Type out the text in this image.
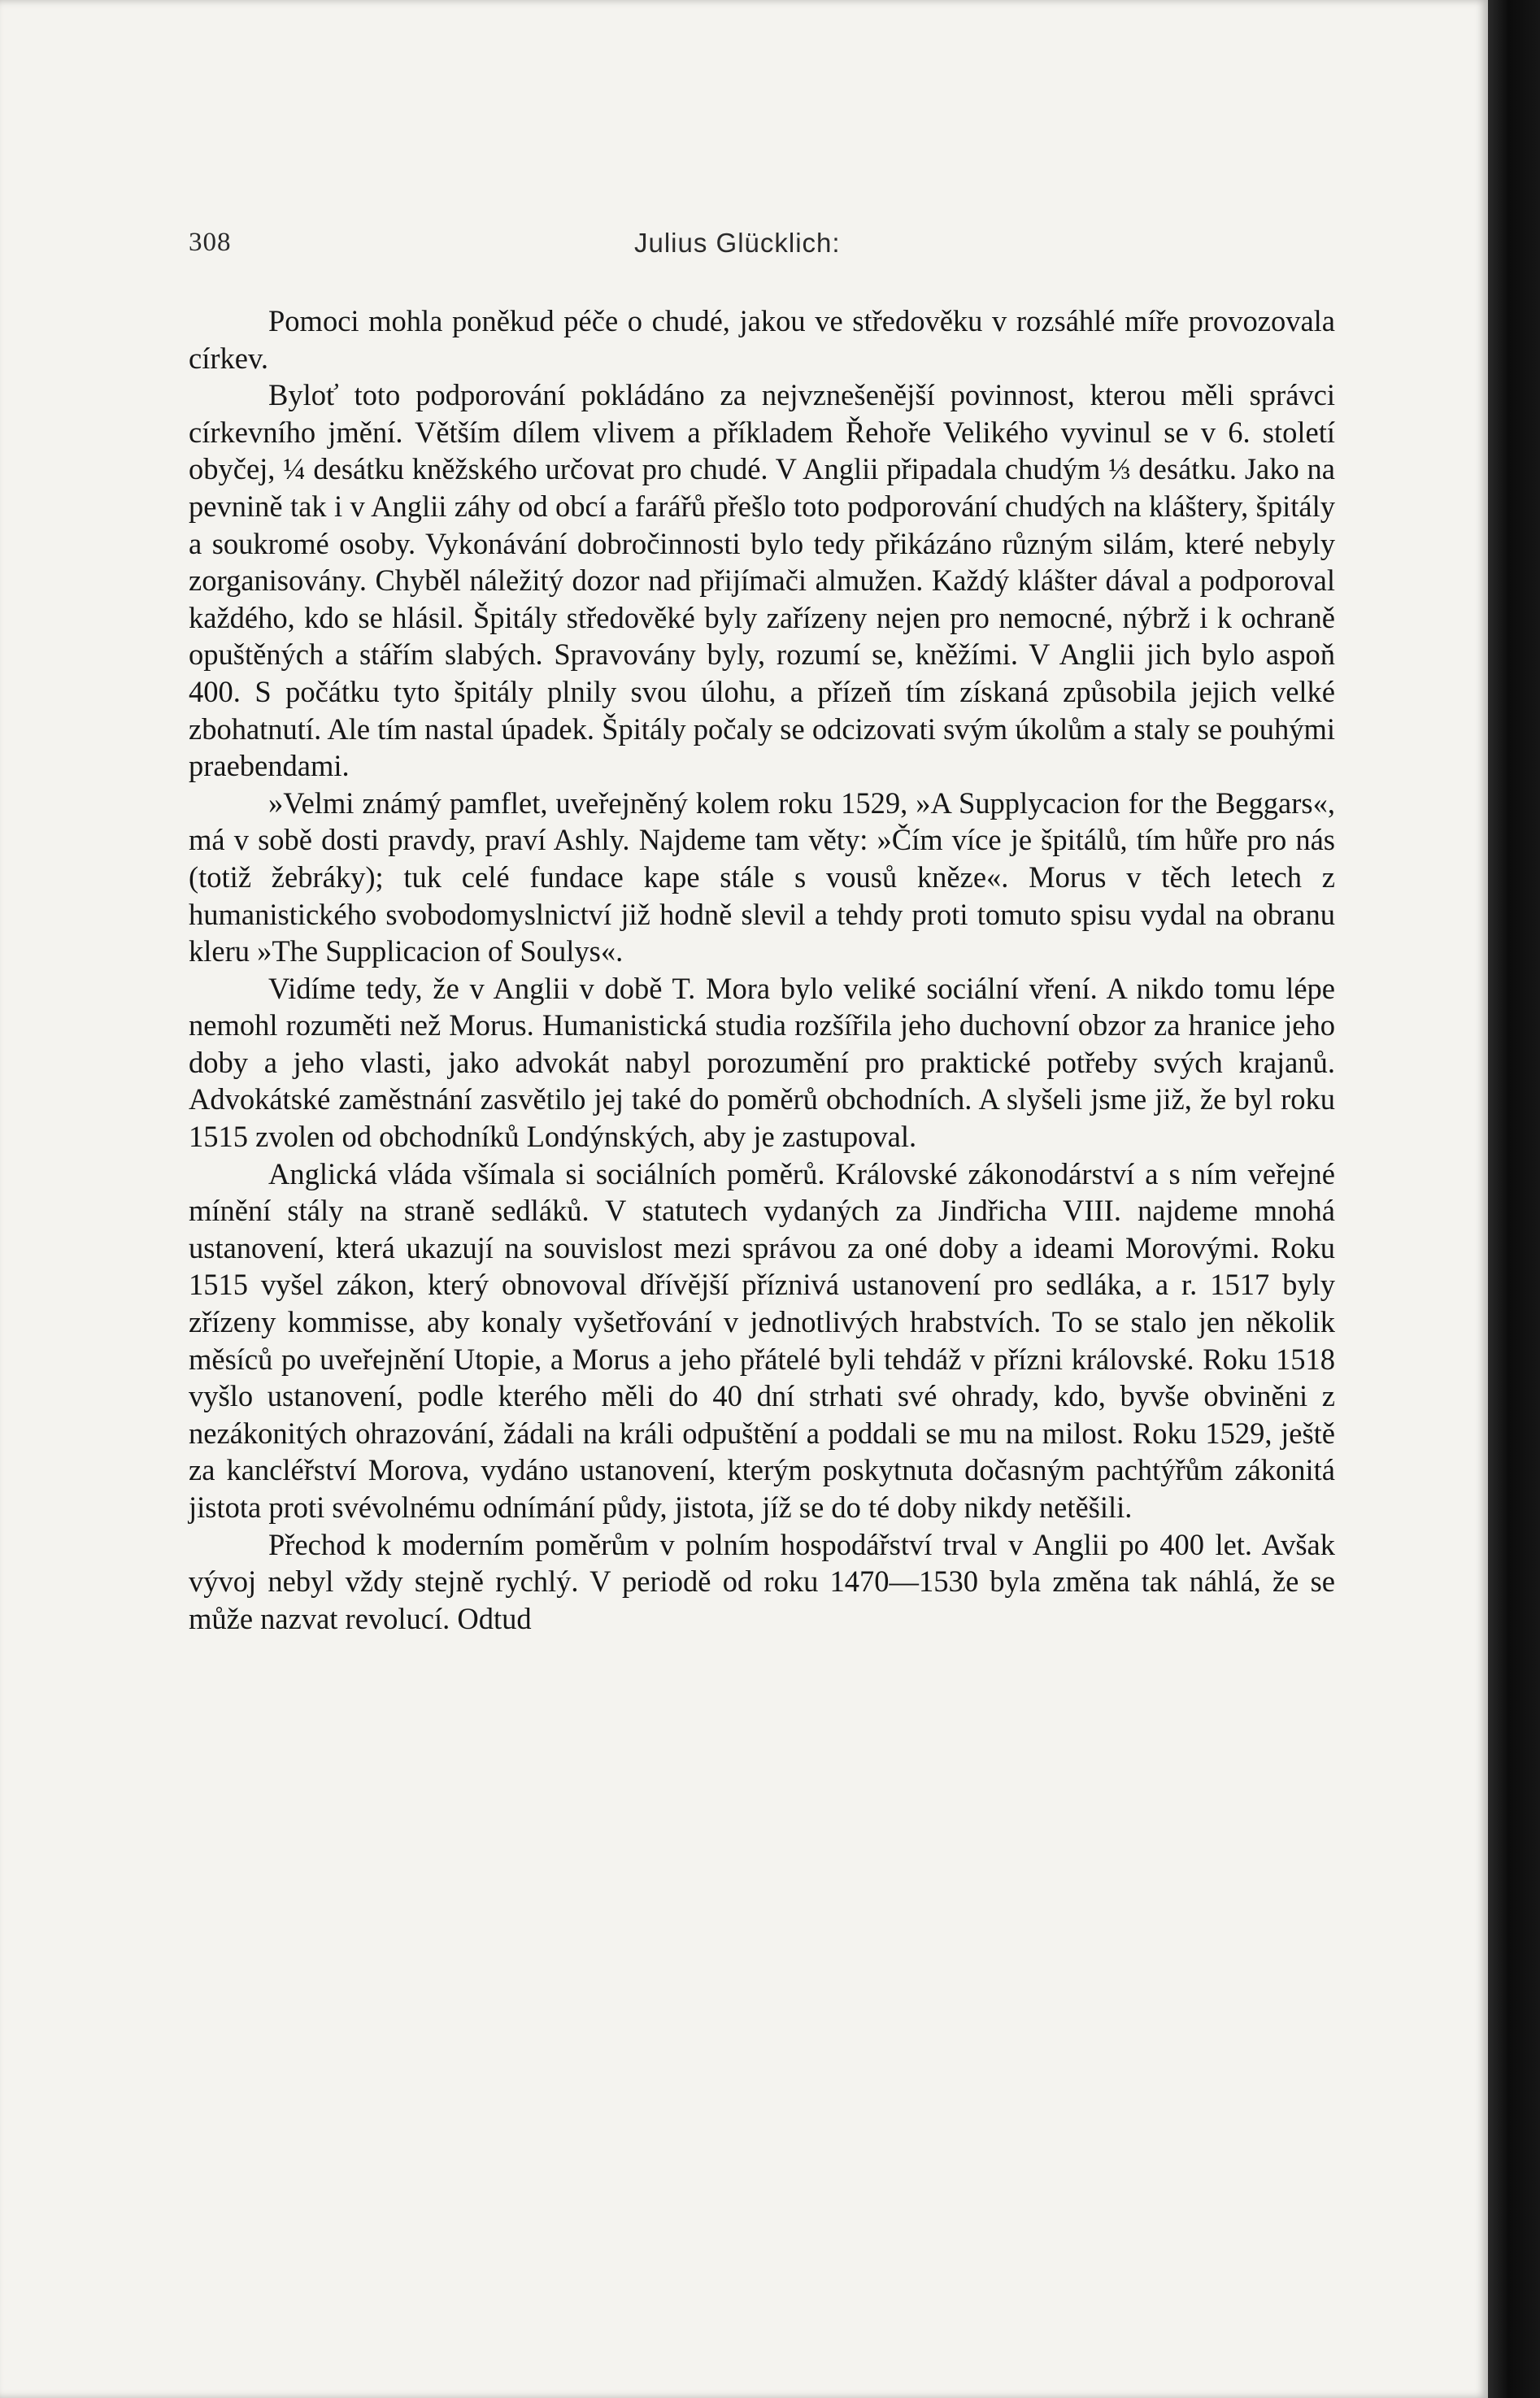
308	Julius Glücklich:

Pomoci mohla poněkud péče o chudé, jakou ve středověku v rozsáhlé míře provozovala církev.

Byloť toto podporování pokládáno za nejvznešenější povinnost, kterou měli správci církevního jmění. Větším dílem vlivem a příkladem Řehoře Velikého vyvinul se v 6. století obyčej, ¼ desátku kněžského určovat pro chudé. V Anglii připadala chudým ⅓ desátku. Jako na pevnině tak i v Anglii záhy od obcí a farářů přešlo toto podporování chudých na kláštery, špitály a soukromé osoby. Vykonávání dobročinnosti bylo tedy přikázáno různým silám, které nebyly zorganisovány. Chyběl náležitý dozor nad přijímači almužen. Každý klášter dával a podporoval každého, kdo se hlásil. Špitály středověké byly zařízeny nejen pro nemocné, nýbrž i k ochraně opuštěných a stářím slabých. Spravovány byly, rozumí se, kněžími. V Anglii jich bylo aspoň 400. S počátku tyto špitály plnily svou úlohu, a přízeň tím získaná způsobila jejich velké zbohatnutí. Ale tím nastal úpadek. Špitály počaly se odcizovati svým úkolům a staly se pouhými praebendami.

»Velmi známý pamflet, uveřejněný kolem roku 1529, »A Supplycacion for the Beggars«, má v sobě dosti pravdy, praví Ashly. Najdeme tam věty: »Čím více je špitálů, tím hůře pro nás (totiž žebráky); tuk celé fundace kape stále s vousů kněze«. Morus v těch letech z humanistického svobodomyslnictví již hodně slevil a tehdy proti tomuto spisu vydal na obranu kleru »The Supplicacion of Soulys«.

Vidíme tedy, že v Anglii v době T. Mora bylo veliké sociální vření. A nikdo tomu lépe nemohl rozuměti než Morus. Humanistická studia rozšířila jeho duchovní obzor za hranice jeho doby a jeho vlasti, jako advokát nabyl porozumění pro praktické potřeby svých krajanů. Advokátské zaměstnání zasvětilo jej také do poměrů obchodních. A slyšeli jsme již, že byl roku 1515 zvolen od obchodníků Londýnských, aby je zastupoval.

Anglická vláda všímala si sociálních poměrů. Královské zákonodárství a s ním veřejné mínění stály na straně sedláků. V statutech vydaných za Jindřicha VIII. najdeme mnohá ustanovení, která ukazují na souvislost mezi správou za oné doby a ideami Morovými. Roku 1515 vyšel zákon, který obnovoval dřívější příznivá ustanovení pro sedláka, a r. 1517 byly zřízeny kommisse, aby konaly vyšetřování v jednotlivých hrabstvích. To se stalo jen několik měsíců po uveřejnění Utopie, a Morus a jeho přátelé byli tehdáž v přízni královské. Roku 1518 vyšlo ustanovení, podle kterého měli do 40 dní strhati své ohrady, kdo, byvše obviněni z nezákonitých ohrazování, žádali na králi odpuštění a poddali se mu na milost. Roku 1529, ještě za kancléřství Morova, vydáno ustanovení, kterým poskytnuta dočasným pachtýřům zákonitá jistota proti svévolnému odnímání půdy, jistota, jíž se do té doby nikdy netěšili.

Přechod k moderním poměrům v polním hospodářství trval v Anglii po 400 let. Avšak vývoj nebyl vždy stejně rychlý. V periodě od roku 1470—1530 byla změna tak náhlá, že se může nazvat revolucí. Odtud
